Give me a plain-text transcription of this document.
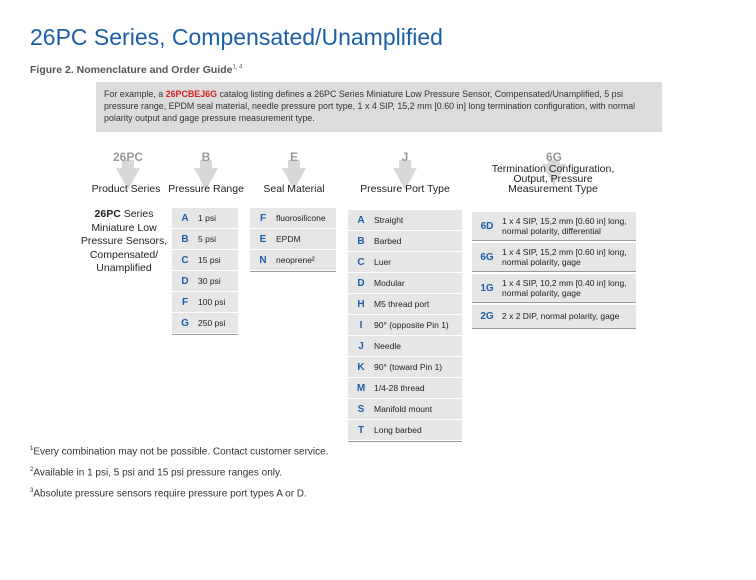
26PC Series, Compensated/Unamplified
Figure 2. Nomenclature and Order Guide$^{1, 4}$
For example, a 26PCBEJ6G catalog listing defines a 26PC Series Miniature Low Pressure Sensor, Compensated/Unamplified, 5 psi pressure range, EPDM seal material, needle pressure port type, 1 x 4 SIP, 15,2 mm [0.60 in] long termination configuration, with normal polarity output and gage pressure measurement type.
26PC	B	E	J	6G
Product Series Pressure Range	Seal Material	Pressure Port Type
Termination Configuration,
Output, Pressure
Measurement Type
26PC Series
Miniature Low
Pressure Sensors,
Compensated/
Unamplified
A	1 psi
B	5 psi
C	15 psi
D	30 psi
F	100 psi
G	250 psi
F	fluorosilicone
E	EPDM
N	neoprene²
A	Straight
B	Barbed
C	Luer
D	Modular
H	M5 thread port
I	90° (opposite Pin 1)
J	Needle
K	90° (toward Pin 1)
M	1/4-28 thread
S	Manifold mount
T	Long barbed
6D	1 x 4 SIP, 15,2 mm [0.60 in] long,
normal polarity, differential
6G 1 x 4 SIP, 15,2 mm [0.60 in] long,
normal polarity, gage
1G 1 x 4 SIP, 10,2 mm [0.40 in] long,
normal polarity, gage
2G 2 x 2 DIP, normal polarity, gage
$^1$Every combination may not be possible. Contact customer service.
$^2$Available in 1 psi, 5 psi and 15 psi pressure ranges only.
$^3$Absolute pressure sensors require pressure port types A or D.
